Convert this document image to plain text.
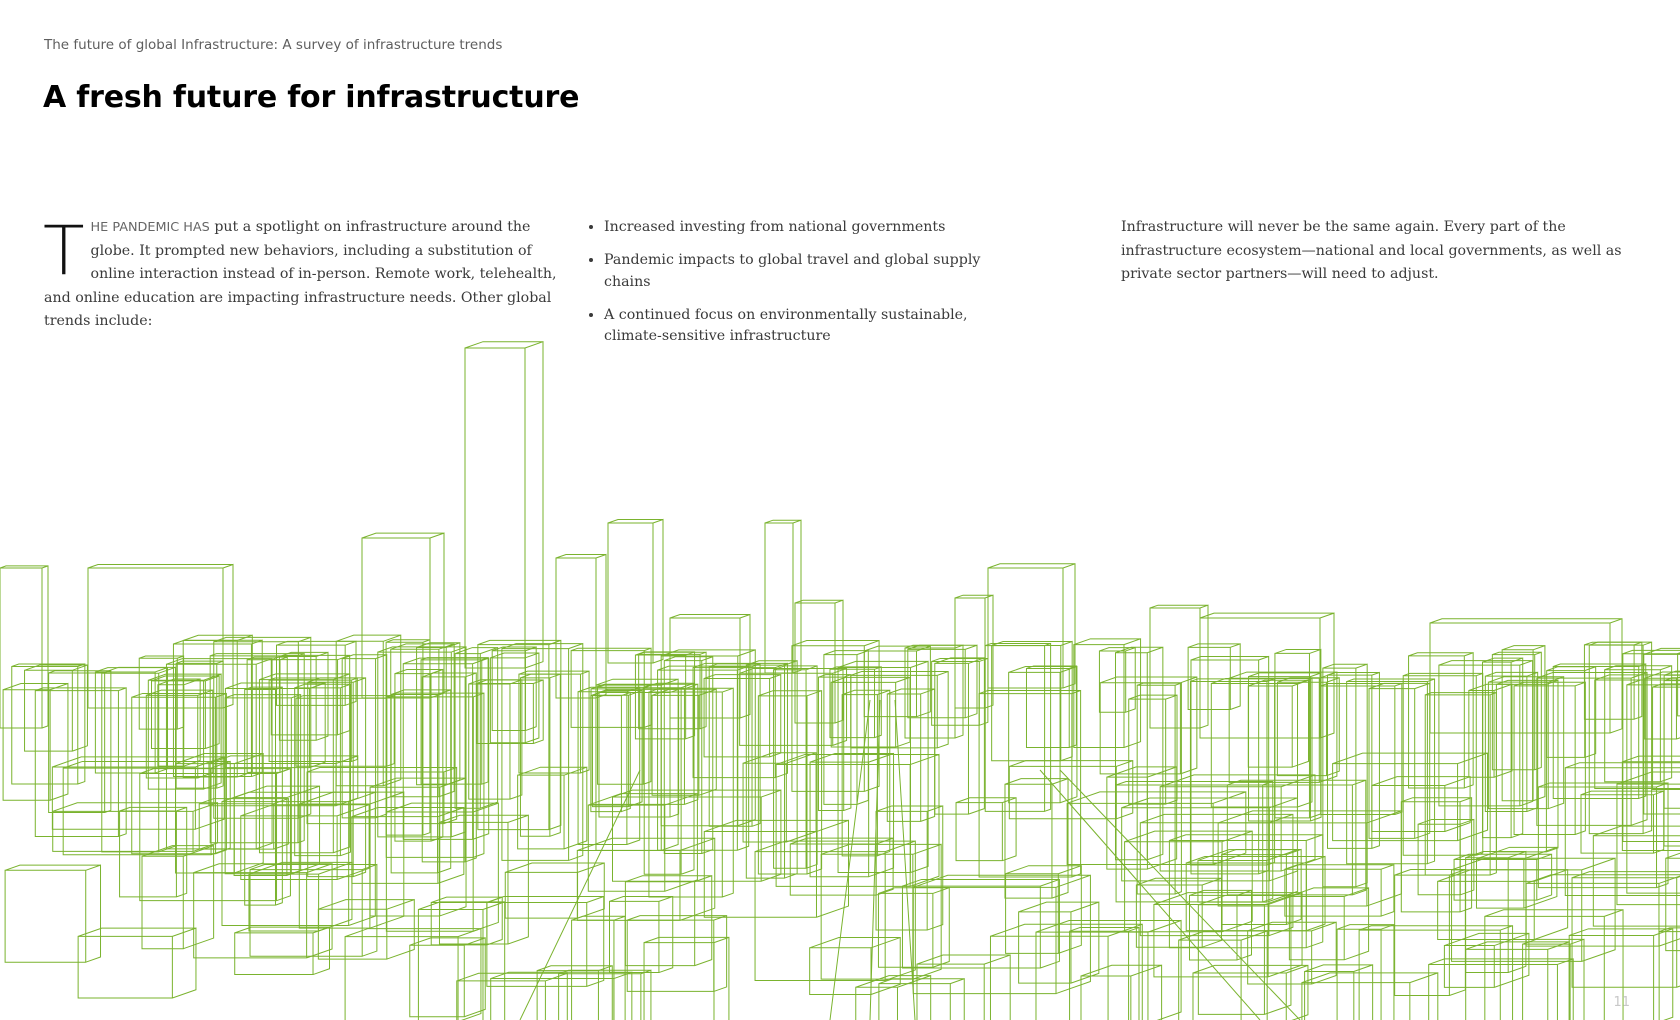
The future of global Infrastructure: A survey of infrastructure trends
A fresh future for infrastructure
THE PANDEMIC HAS put a spotlight on infrastructure around the globe. It prompted new behaviors, including a substitution of online interaction instead of in-person. Remote work, telehealth, and online education are impacting infrastructure needs. Other global trends include:
• Increased investing from national governments
• Pandemic impacts to global travel and global supply chains
• A continued focus on environmentally sustainable, climate-sensitive infrastructure
Infrastructure will never be the same again. Every part of the infrastructure ecosystem—national and local governments, as well as private sector partners—will need to adjust.
11
